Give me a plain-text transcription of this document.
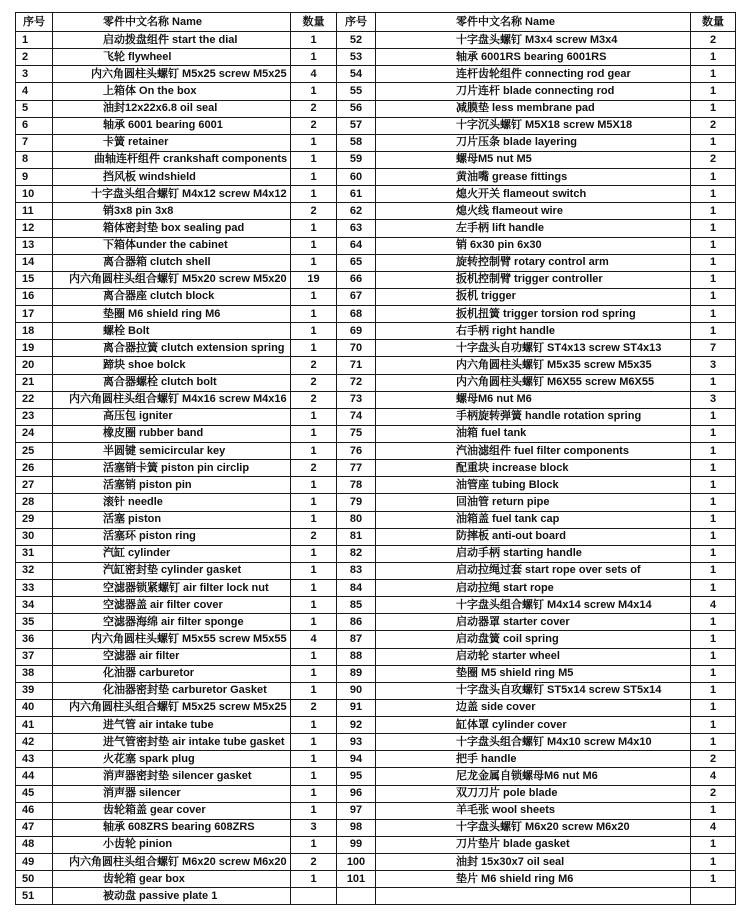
序号	零件中文名称 Name	数量	序号	零件中文名称 Name	数量
1	启动拨盘组件 start the dial	1	52	十字盘头螺钉 M3x4 screw M3x4	2
2	飞轮 flywheel	1	53	轴承 6001RS bearing 6001RS	1
3	内六角圆柱头螺钉 M5x25 screw M5x25	4	54	连杆齿轮组件 connecting rod gear	1
4	上箱体 On the box	1	55	刀片连杆 blade connecting rod	1
5	油封12x22x6.8 oil seal	2	56	减膜垫 less membrane pad	1
6	轴承 6001 bearing 6001	2	57	十字沉头螺钉 M5X18 screw M5X18	2
7	卡簧 retainer	1	58	刀片压条 blade layering	1
8	曲轴连杆组件 crankshaft components	1	59	螺母M5 nut M5	2
9	挡风板 windshield	1	60	黄油嘴 grease fittings	1
10	十字盘头组合螺钉 M4x12 screw M4x12	1	61	熄火开关 flameout switch	1
11	销3x8 pin 3x8	2	62	熄火线 flameout wire	1
12	箱体密封垫 box sealing pad	1	63	左手柄 lift handle	1
13	下箱体under the cabinet	1	64	销 6x30 pin 6x30	1
14	离合器箱 clutch shell	1	65	旋转控制臂 rotary control arm	1
15	内六角圆柱头组合螺钉 M5x20 screw M5x20	19	66	扳机控制臂 trigger controller	1
16	离合器座 clutch block	1	67	扳机 trigger	1
17	垫圈 M6 shield ring M6	1	68	扳机扭簧 trigger torsion rod spring	1
18	螺栓 Bolt	1	69	右手柄 right handle	1
19	离合器拉簧 clutch extension spring	1	70	十字盘头自功螺钉 ST4x13 screw ST4x13	7
20	蹄块 shoe bolck	2	71	内六角圆柱头螺钉 M5x35 screw M5x35	3
21	离合器螺栓 clutch bolt	2	72	内六角圆柱头螺钉 M6X55 screw M6X55	1
22	内六角圆柱头组合螺钉 M4x16 screw M4x16	2	73	螺母M6 nut M6	3
23	高压包 igniter	1	74	手柄旋转弹簧 handle rotation spring	1
24	橡皮圈 rubber band	1	75	油箱 fuel tank	1
25	半圆键 semicircular key	1	76	汽油滤组件 fuel filter components	1
26	活塞销卡簧 piston pin circlip	2	77	配重块 increase block	1
27	活塞销 piston pin	1	78	油管座 tubing Block	1
28	滚针 needle	1	79	回油管 return pipe	1
29	活塞 piston	1	80	油箱盖 fuel tank cap	1
30	活塞环 piston ring	2	81	防摔板 anti-out board	1
31	汽缸 cylinder	1	82	启动手柄 starting handle	1
32	汽缸密封垫 cylinder gasket	1	83	启动拉绳过套 start rope over sets of	1
33	空滤器锁紧螺钉 air filter lock nut	1	84	启动拉绳 start rope	1
34	空滤器盖 air filter cover	1	85	十字盘头组合螺钉 M4x14 screw M4x14	4
35	空滤器海绵 air filter sponge	1	86	启动器罩 starter cover	1
36	内六角圆柱头螺钉 M5x55 screw M5x55	4	87	启动盘簧 coil spring	1
37	空滤器 air filter	1	88	启动轮 starter wheel	1
38	化油器 carburetor	1	89	垫圈 M5 shield ring M5	1
39	化油器密封垫 carburetor Gasket	1	90	十字盘头自攻螺钉 ST5x14 screw ST5x14	1
40	内六角圆柱头组合螺钉 M5x25 screw M5x25	2	91	边盖 side cover	1
41	进气管 air intake tube	1	92	缸体罩 cylinder cover	1
42	进气管密封垫 air intake tube gasket	1	93	十字盘头组合螺钉 M4x10 screw M4x10	1
43	火花塞 spark plug	1	94	把手 handle	2
44	消声器密封垫 silencer gasket	1	95	尼龙金属自锁螺母M6 nut M6	4
45	消声器 silencer	1	96	双刀刀片 pole blade	2
46	齿轮箱盖 gear cover	1	97	羊毛张 wool sheets	1
47	轴承 608ZRS bearing 608ZRS	3	98	十字盘头螺钉 M6x20 screw M6x20	4
48	小齿轮 pinion	1	99	刀片垫片 blade gasket	1
49	内六角圆柱头组合螺钉 M6x20 screw M6x20	2	100	油封 15x30x7 oil seal	1
50	齿轮箱 gear box	1	101	垫片 M6 shield ring M6	1
51	被动盘 passive plate 1				
